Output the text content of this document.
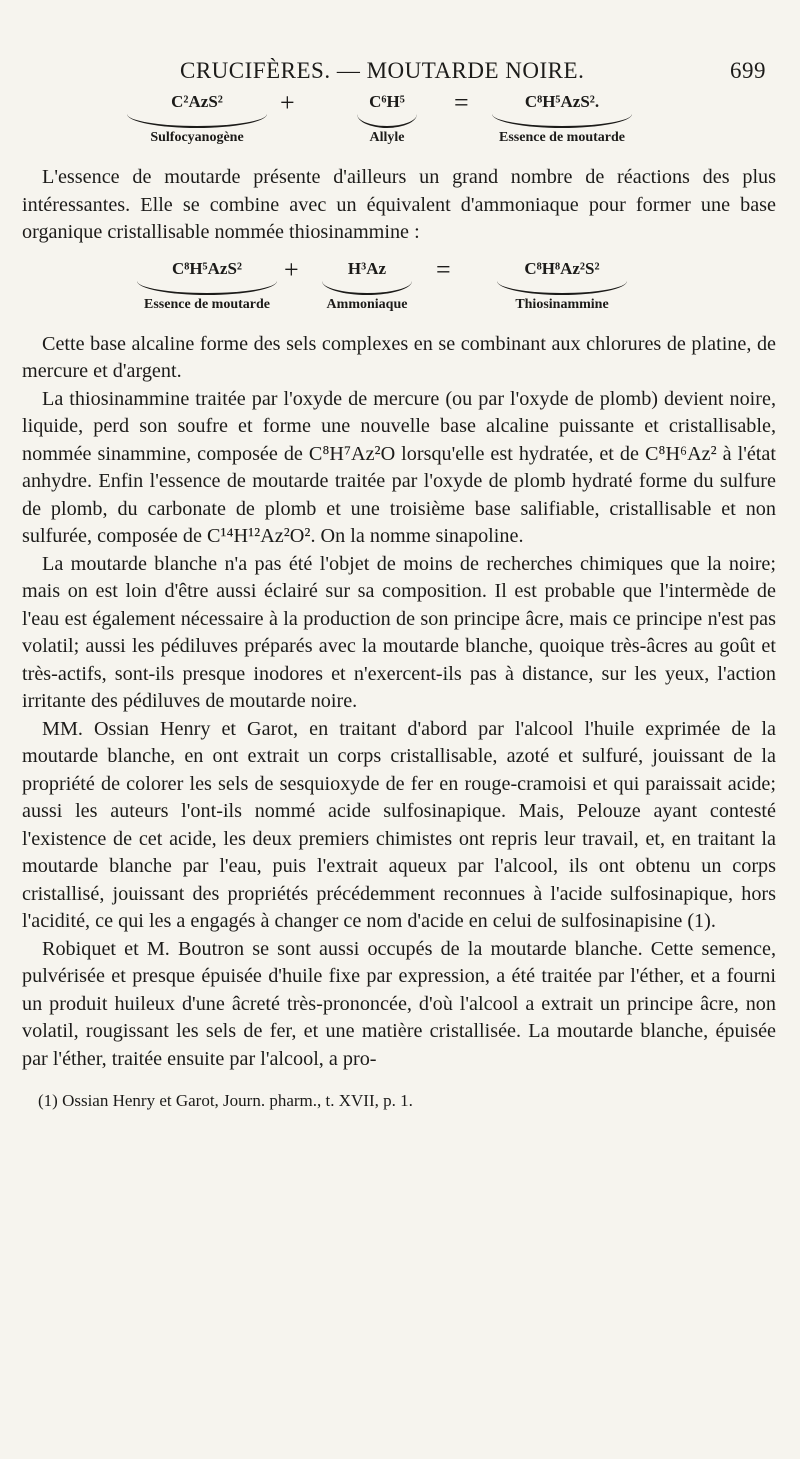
CRUCIFÈRES. — MOUTARDE NOIRE.	699
C²AzS²
Sulfocyanogène
+	C⁶H⁵
Allyle
=	C⁸H⁵AzS².
Essence de moutarde

L'essence de moutarde présente d'ailleurs un grand nombre de réactions des plus intéressantes. Elle se combine avec un équivalent d'ammoniaque pour former une base organique cristallisable nommée thiosinammine :

C⁸H⁵AzS²
Essence de moutarde
+	H³Az
Ammoniaque
=	C⁸H⁸Az²S²
Thiosinammine

Cette base alcaline forme des sels complexes en se combinant aux chlorures de platine, de mercure et d'argent.

La thiosinammine traitée par l'oxyde de mercure (ou par l'oxyde de plomb) devient noire, liquide, perd son soufre et forme une nouvelle base alcaline puissante et cristallisable, nommée sinammine, composée de C⁸H⁷Az²O lorsqu'elle est hydratée, et de C⁸H⁶Az² à l'état anhydre. Enfin l'essence de moutarde traitée par l'oxyde de plomb hydraté forme du sulfure de plomb, du carbonate de plomb et une troisième base salifiable, cristallisable et non sulfurée, composée de C¹⁴H¹²Az²O². On la nomme sinapoline.

La moutarde blanche n'a pas été l'objet de moins de recherches chimiques que la noire; mais on est loin d'être aussi éclairé sur sa composition. Il est probable que l'intermède de l'eau est également nécessaire à la production de son principe âcre, mais ce principe n'est pas volatil; aussi les pédiluves préparés avec la moutarde blanche, quoique très-âcres au goût et très-actifs, sont-ils presque inodores et n'exercent-ils pas à distance, sur les yeux, l'action irritante des pédiluves de moutarde noire.

MM. Ossian Henry et Garot, en traitant d'abord par l'alcool l'huile exprimée de la moutarde blanche, en ont extrait un corps cristallisable, azoté et sulfuré, jouissant de la propriété de colorer les sels de sesquioxyde de fer en rouge-cramoisi et qui paraissait acide; aussi les auteurs l'ont-ils nommé acide sulfosinapique. Mais, Pelouze ayant contesté l'existence de cet acide, les deux premiers chimistes ont repris leur travail, et, en traitant la moutarde blanche par l'eau, puis l'extrait aqueux par l'alcool, ils ont obtenu un corps cristallisé, jouissant des propriétés précédemment reconnues à l'acide sulfosinapique, hors l'acidité, ce qui les a engagés à changer ce nom d'acide en celui de sulfosinapisine (1).

Robiquet et M. Boutron se sont aussi occupés de la moutarde blanche. Cette semence, pulvérisée et presque épuisée d'huile fixe par expression, a été traitée par l'éther, et a fourni un produit huileux d'une âcreté très-prononcée, d'où l'alcool a extrait un principe âcre, non volatil, rougissant les sels de fer, et une matière cristallisée. La moutarde blanche, épuisée par l'éther, traitée ensuite par l'alcool, a pro-

(1) Ossian Henry et Garot, Journ. pharm., t. XVII, p. 1.
